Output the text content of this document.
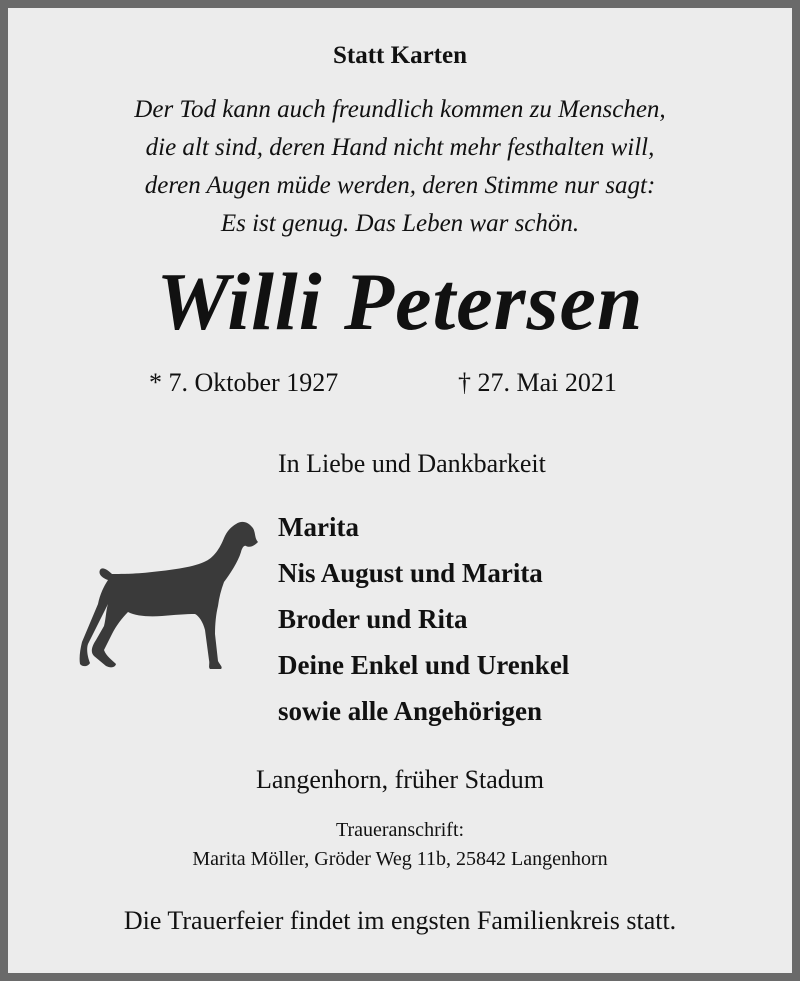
Statt Karten
Der Tod kann auch freundlich kommen zu Menschen,
die alt sind, deren Hand nicht mehr festhalten will,
deren Augen müde werden, deren Stimme nur sagt:
Es ist genug. Das Leben war schön.
Willi Petersen
* 7. Oktober 1927	† 27. Mai 2021
In Liebe und Dankbarkeit
Marita
Nis August und Marita
Broder und Rita
Deine Enkel und Urenkel
sowie alle Angehörigen
Langenhorn, früher Stadum
Traueranschrift:
Marita Möller, Gröder Weg 11b, 25842 Langenhorn
Die Trauerfeier findet im engsten Familienkreis statt.
